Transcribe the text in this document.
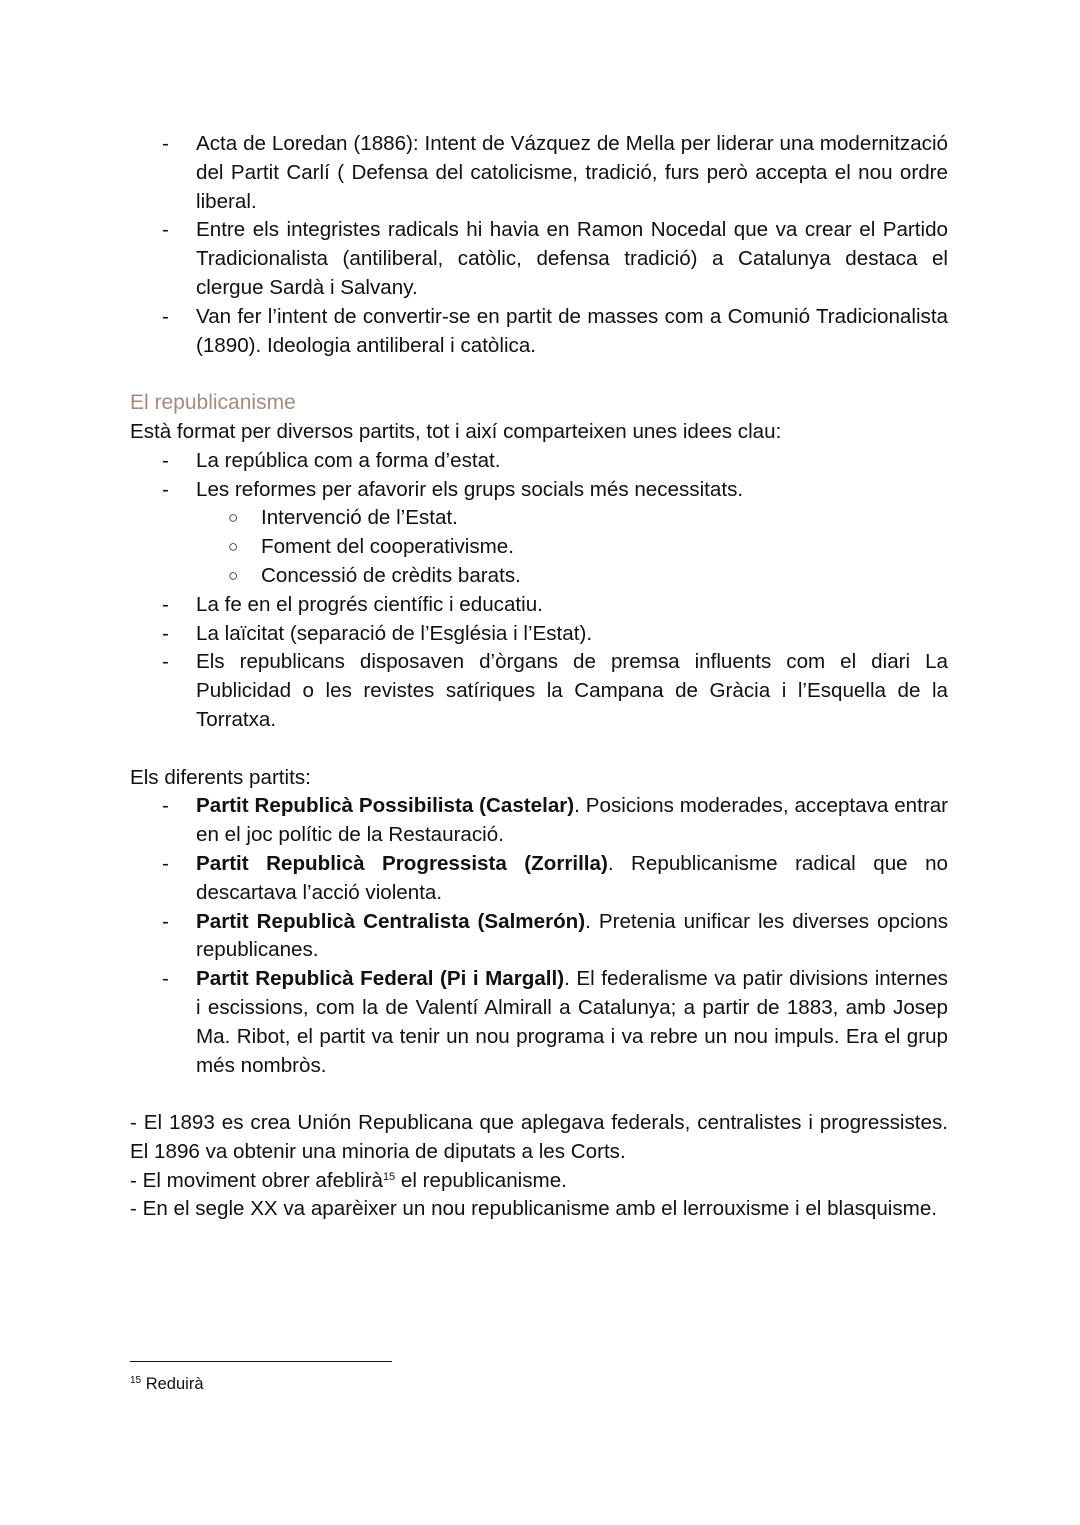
- Acta de Loredan (1886): Intent de Vázquez de Mella per liderar una modernització del Partit Carlí ( Defensa del catolicisme, tradició, furs però accepta el nou ordre liberal.
- Entre els integristes radicals hi havia en Ramon Nocedal que va crear el Partido Tradicionalista (antiliberal, catòlic, defensa tradició) a Catalunya destaca el clergue Sardà i Salvany.
- Van fer l’intent de convertir-se en partit de masses com a Comunió Tradicionalista (1890). Ideologia antiliberal i catòlica.
El republicanisme
Està format per diversos partits, tot i així comparteixen unes idees clau:
- La república com a forma d’estat.
- Les reformes per afavorir els grups socials més necessitats.
○ Intervenció de l’Estat.
○ Foment del cooperativisme.
○ Concessió de crèdits barats.
- La fe en el progrés científic i educatiu.
- La laïcitat (separació de l’Església i l’Estat).
- Els republicans disposaven d’òrgans de premsa influents com el diari La Publicidad o les revistes satíriques la Campana de Gràcia i l’Esquella de la Torratxa.
Els diferents partits:
- Partit Republicà Possibilista (Castelar). Posicions moderades, acceptava entrar en el joc polític de la Restauració.
- Partit Republicà Progressista (Zorrilla). Republicanisme radical que no descartava l’acció violenta.
- Partit Republicà Centralista (Salmerón). Pretenia unificar les diverses opcions republicanes.
- Partit Republicà Federal (Pi i Margall). El federalisme va patir divisions internes i escissions, com la de Valentí Almirall a Catalunya; a partir de 1883, amb Josep Ma. Ribot, el partit va tenir un nou programa i va rebre un nou impuls. Era el grup més nombròs.
- El 1893 es crea Unión Republicana que aplegava federals, centralistes i progressistes. El 1896 va obtenir una minoria de diputats a les Corts.
- El moviment obrer afeblirà$^{15}$ el republicanisme.
- En el segle XX va aparèixer un nou republicanisme amb el lerrouxisme i el blasquisme.
$^{15}$ Reduirà
